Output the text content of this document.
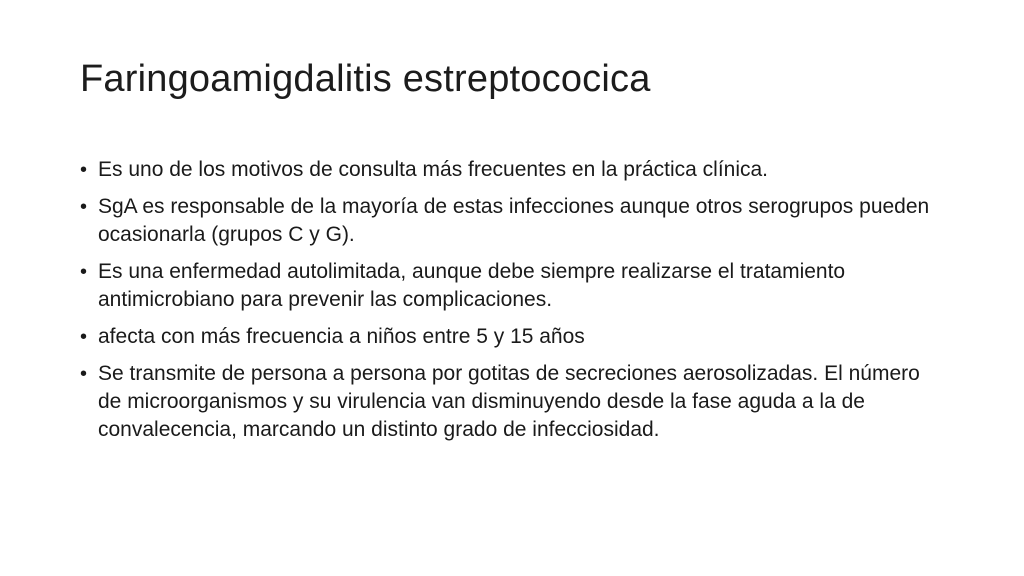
Faringoamigdalitis estreptococica
• Es uno de los motivos de consulta más frecuentes en la práctica clínica.
• SgA es responsable de la mayoría de estas infecciones aunque otros serogrupos pueden ocasionarla (grupos C y G).
• Es una enfermedad autolimitada, aunque debe siempre realizarse el tratamiento antimicrobiano para prevenir las complicaciones.
• afecta con más frecuencia a niños entre 5 y 15 años
• Se transmite de persona a persona por gotitas de secreciones aerosolizadas. El número de microorganismos y su virulencia van disminuyendo desde la fase aguda a la de convalecencia, marcando un distinto grado de infecciosidad.
